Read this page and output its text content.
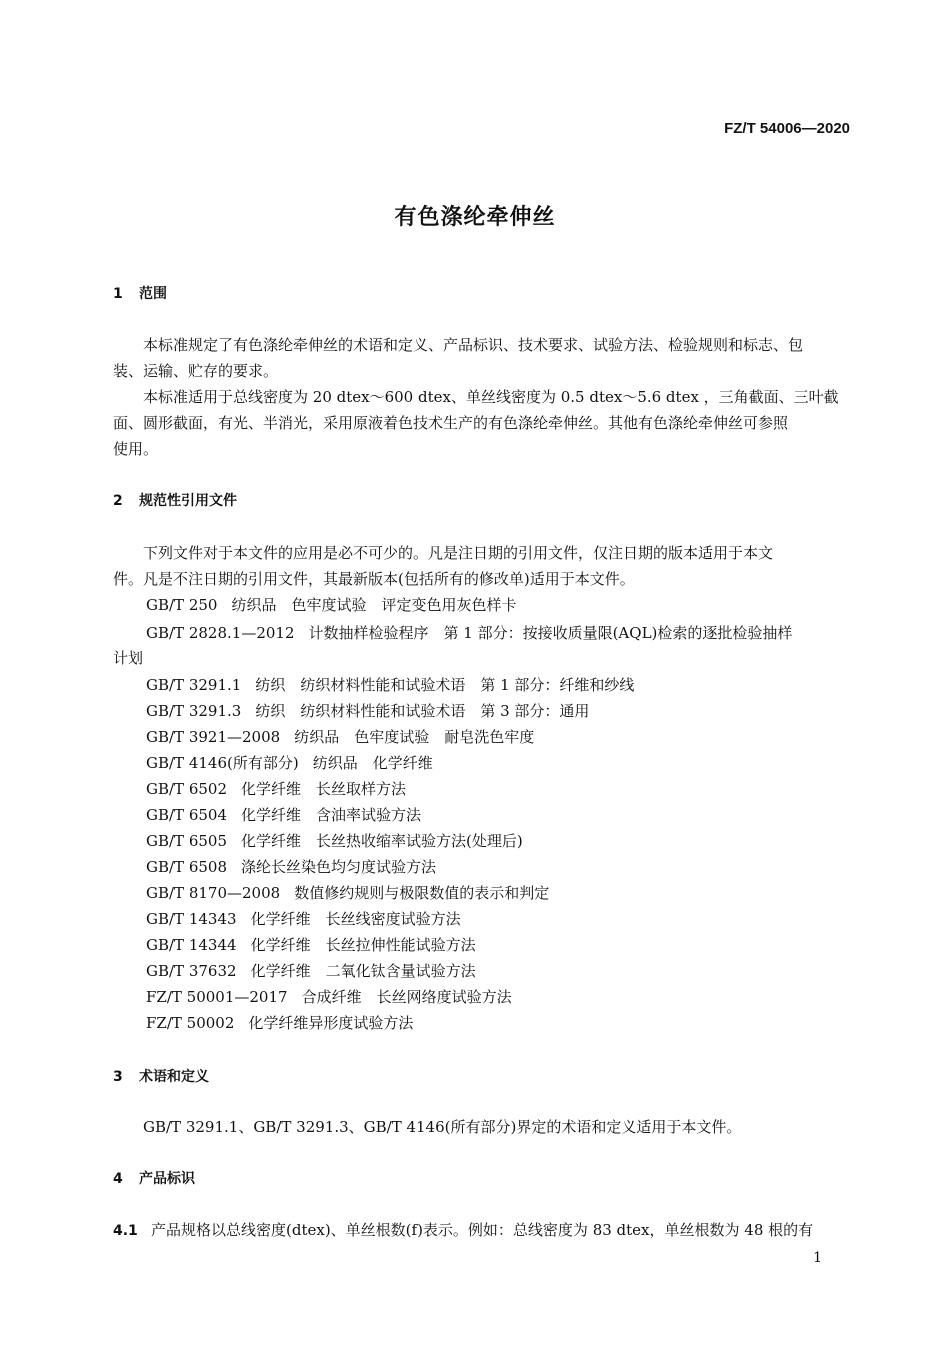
FZ/T 54006—2020
有色涤纶牵伸丝
1 范围
　　本标准规定了有色涤纶牵伸丝的术语和定义、产品标识、技术要求、试验方法、检验规则和标志、包
装、运输、贮存的要求。
　　本标准适用于总线密度为 20 dtex～600 dtex、单丝线密度为 0.5 dtex～5.6 dtex ，三角截面、三叶截
面、圆形截面，有光、半消光，采用原液着色技术生产的有色涤纶牵伸丝。其他有色涤纶牵伸丝可参照
使用。
2 规范性引用文件
　　下列文件对于本文件的应用是必不可少的。凡是注日期的引用文件，仅注日期的版本适用于本文
件。凡是不注日期的引用文件，其最新版本(包括所有的修改单)适用于本文件。
GB/T 250 纺织品　色牢度试验　评定变色用灰色样卡
GB/T 2828.1—2012 计数抽样检验程序　第 1 部分：按接收质量限(AQL)检索的逐批检验抽样
计划
GB/T 3291.1 纺织　纺织材料性能和试验术语　第 1 部分：纤维和纱线
GB/T 3291.3 纺织　纺织材料性能和试验术语　第 3 部分：通用
GB/T 3921—2008 纺织品　色牢度试验　耐皂洗色牢度
GB/T 4146(所有部分) 纺织品　化学纤维
GB/T 6502 化学纤维　长丝取样方法
GB/T 6504 化学纤维　含油率试验方法
GB/T 6505 化学纤维　长丝热收缩率试验方法(处理后)
GB/T 6508 涤纶长丝染色均匀度试验方法
GB/T 8170—2008 数值修约规则与极限数值的表示和判定
GB/T 14343 化学纤维　长丝线密度试验方法
GB/T 14344 化学纤维　长丝拉伸性能试验方法
GB/T 37632 化学纤维　二氧化钛含量试验方法
FZ/T 50001—2017 合成纤维　长丝网络度试验方法
FZ/T 50002 化学纤维异形度试验方法
3 术语和定义
　　GB/T 3291.1、GB/T 3291.3、GB/T 4146(所有部分)界定的术语和定义适用于本文件。
4 产品标识
4.1 产品规格以总线密度(dtex)、单丝根数(f)表示。例如：总线密度为 83 dtex，单丝根数为 48 根的有
1
